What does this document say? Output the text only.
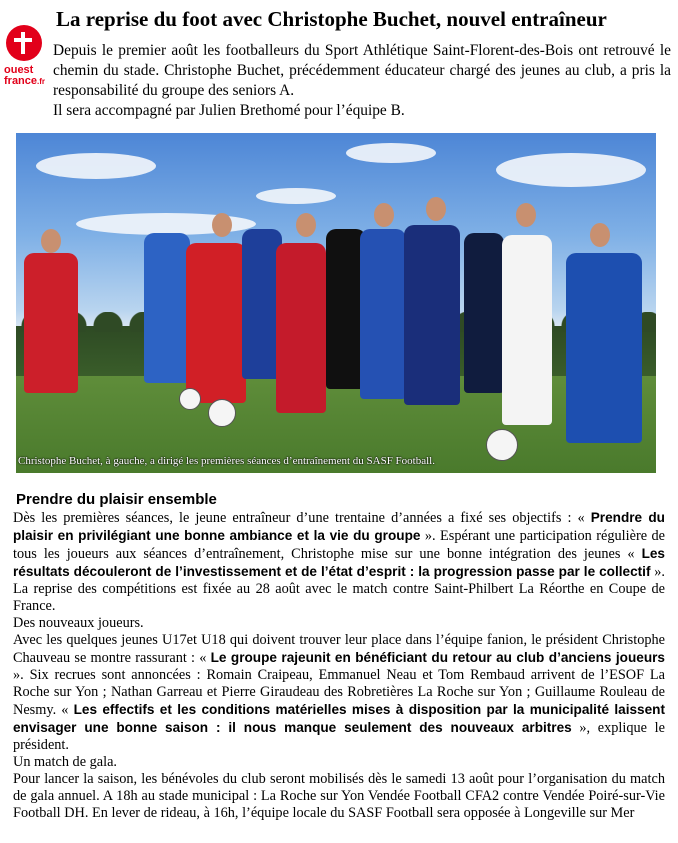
La reprise du foot avec Christophe Buchet, nouvel entraîneur
ouest
france.fr

Depuis le premier août les footballeurs du Sport Athlétique Saint-Florent-des-Bois ont retrouvé le chemin du stade. Christophe Buchet, précédemment éducateur chargé des jeunes au club, a pris la responsabilité du groupe des seniors A.

Il sera accompagné par Julien Brethomé pour l’équipe B.

Christophe Buchet, à gauche, a dirigé les premières séances d’entraînement du SASF Football.
Prendre du plaisir ensemble

Dès les premières séances, le jeune entraîneur d’une trentaine d’années a fixé ses objectifs : « Prendre du plaisir en privilégiant une bonne ambiance et la vie du groupe ». Espérant une participation régulière de tous les joueurs aux séances d’entraînement, Christophe mise sur une bonne intégration des jeunes « Les résultats découleront de l’investissement et de l’état d’esprit : la progression passe par le collectif ». La reprise des compétitions est fixée au 28 août avec le match contre Saint-Philbert La Réorthe en Coupe de France.

Des nouveaux joueurs.

Avec les quelques jeunes U17et U18 qui doivent trouver leur place dans l’équipe fanion, le président Christophe Chauveau se montre rassurant : « Le groupe rajeunit en bénéficiant du retour au club d’anciens joueurs ». Six recrues sont annoncées : Romain Craipeau, Emmanuel Neau et Tom Rembaud arrivent de l’ESOF La Roche sur Yon ; Nathan Garreau et Pierre Giraudeau des Robretières La Roche sur Yon ; Guillaume Rouleau de Nesmy. « Les effectifs et les conditions matérielles mises à disposition par la municipalité laissent envisager une bonne saison : il nous manque seulement des nouveaux arbitres », explique le président.

Un match de gala.

Pour lancer la saison, les bénévoles du club seront mobilisés dès le samedi 13 août pour l’organisation du match de gala annuel. A 18h au stade municipal : La Roche sur Yon Vendée Football CFA2 contre Vendée Poiré-sur-Vie Football DH. En lever de rideau, à 16h, l’équipe locale du SASF Football sera opposée à Longeville sur Mer
